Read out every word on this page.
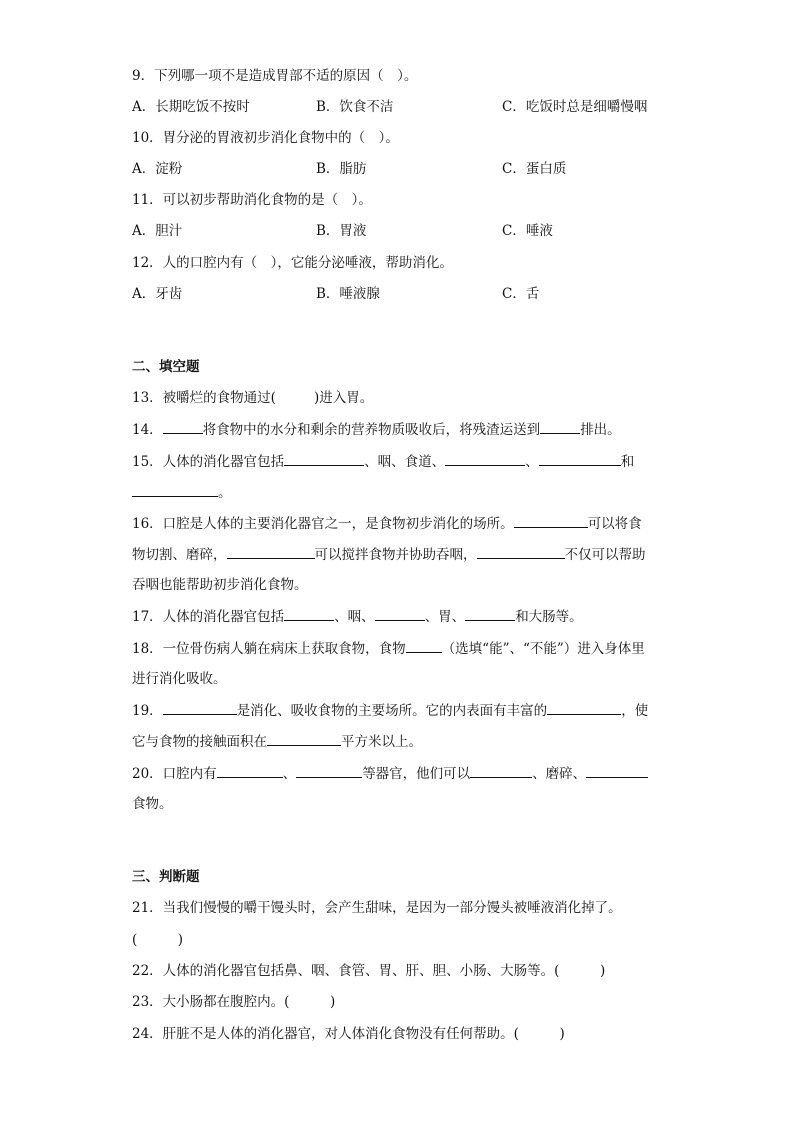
9．下列哪一项不是造成胃部不适的原因（　）。
A．长期吃饭不按时	B．饮食不洁	C．吃饭时总是细嚼慢咽
10．胃分泌的胃液初步消化食物中的（　）。
A．淀粉	B．脂肪	C．蛋白质
11．可以初步帮助消化食物的是（　）。
A．胆汁	B．胃液	C．唾液
12．人的口腔内有（　），它能分泌唾液，帮助消化。
A．牙齿	B．唾液腺	C．舌
二、填空题
13．被嚼烂的食物通过(	)进入胃。
14．	将食物中的水分和剩余的营养物质吸收后，将残渣运送到	排出。
15．人体的消化器官包括	、咽、食道、	、	和
。
16．口腔是人体的主要消化器官之一，是食物初步消化的场所。	可以将食
物切割、磨碎，	可以搅拌食物并协助吞咽，	不仅可以帮助
吞咽也能帮助初步消化食物。
17．人体的消化器官包括	、咽、	、胃、	和大肠等。
18．一位骨伤病人躺在病床上获取食物，食物	（选填“能”、“不能”）进入身体里
进行消化吸收。
19．	是消化、吸收食物的主要场所。它的内表面有丰富的	，使
它与食物的接触面积在	平方米以上。
20．口腔内有	、	等器官，他们可以	、磨碎、
食物。
三、判断题
21．当我们慢慢的嚼干馒头时，会产生甜味，是因为一部分馒头被唾液消化掉了。
(　　　)
22．人体的消化器官包括鼻、咽、食管、胃、肝、胆、小肠、大肠等。(　　　)
23．大小肠都在腹腔内。(　　　)
24．肝脏不是人体的消化器官，对人体消化食物没有任何帮助。(　　　)
